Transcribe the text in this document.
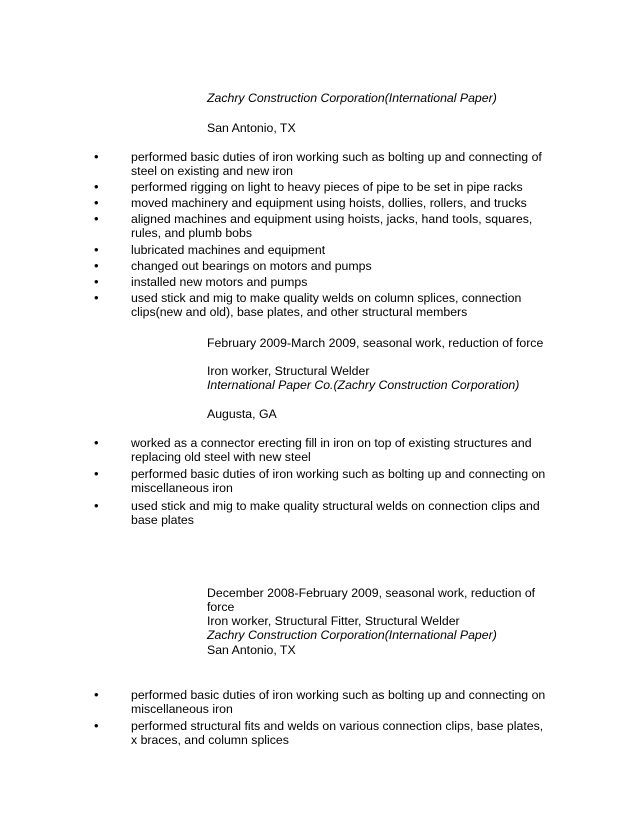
Zachry Construction Corporation(International Paper)
San Antonio, TX
•	performed basic duties of iron working such as bolting up and connecting of steel on existing and new iron
•	performed rigging on light to heavy pieces of pipe to be set in pipe racks
•	moved machinery and equipment using hoists, dollies, rollers, and trucks
•	aligned machines and equipment using hoists, jacks, hand tools, squares, rules, and plumb bobs
•	lubricated machines and equipment
•	changed out bearings on motors and pumps
•	installed new motors and pumps
•	used stick and mig to make quality welds on column splices, connection clips(new and old), base plates, and other structural members
February 2009-March 2009, seasonal work, reduction of force
Iron worker, Structural Welder
International Paper Co.(Zachry Construction Corporation)
Augusta, GA
•	worked as a connector erecting fill in iron on top of existing structures and replacing old steel with new steel
•	performed basic duties of iron working such as bolting up and connecting on miscellaneous iron
•	used stick and mig to make quality structural welds on connection clips and base plates
December 2008-February 2009, seasonal work, reduction of force
Iron worker, Structural Fitter, Structural Welder
Zachry Construction Corporation(International Paper)
San Antonio, TX
•	performed basic duties of iron working such as bolting up and connecting on miscellaneous iron
•	performed structural fits and welds on various connection clips, base plates, x braces, and column splices
